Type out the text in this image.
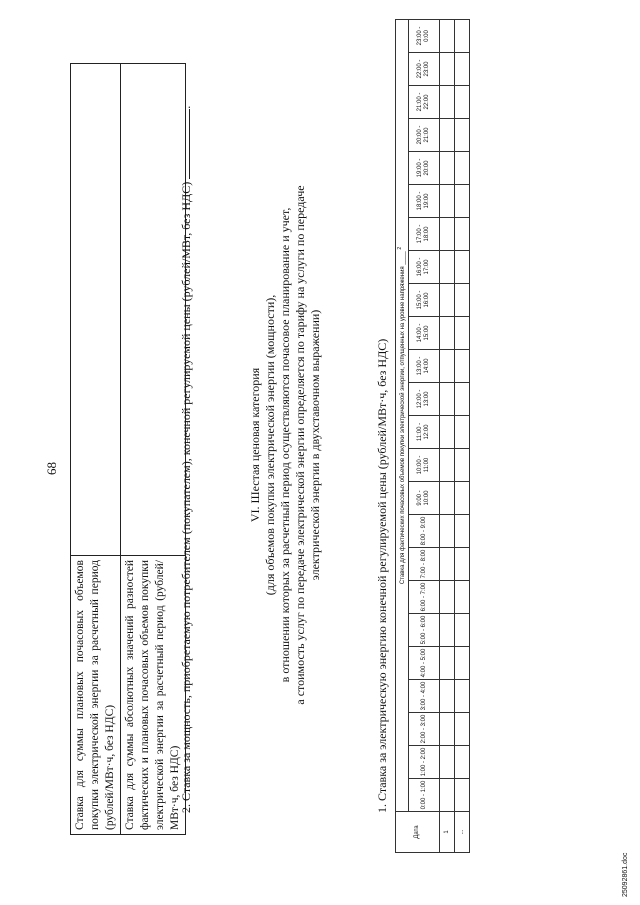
68
Ставка для суммы плановых почасовых объемов покупки электрической энергии за расчетный период (рублей/МВт·ч, без НДС)	
Ставка для суммы абсолютных значений разностей фактических и плановых почасовых объемов покупки электрической энергии за расчетный период (рублей/МВт·ч, без НДС)	
2. Ставка за мощность, приобретаемую потребителем (покупателем), конечной регулируемой цены (рублей/МВт, без НДС) .
VI. Шестая ценовая категория (для объемов покупки электрической энергии (мощности), в отношении которых за расчетный период осуществляются почасовое планирование и учет, а стоимость услуг по передаче электрической энергии определяется по тарифу на услуги по передаче электрической энергии в двухставочном выражении)	1. Ставка за электрическую энергию конечной регулируемой цены (рублей/МВт·ч, без НДС)
Дата	Ставка для фактических почасовых объемов покупки электрической энергии, отпущенных на уровне напряжения ____ $^2$
	0:00 - 1:00	1:00 - 2:00	2:00 - 3:00	3:00 - 4:00	4:00 - 5:00	5:00 - 6:00	6:00 - 7:00	7:00 - 8:00	8:00 - 9:00	9:00 - 10:00	10:00 - 11:00	11:00 - 12:00	12:00 - 13:00	13:00 - 14:00	14:00 - 15:00	15:00 - 16:00	16:00 - 17:00	17:00 - 18:00	18:00 - 19:00	19:00 - 20:00	20:00 - 21:00	21:00 - 22:00	22:00 - 23:00	23:00 - 0:00
1																								
...																								
25092861.doc
